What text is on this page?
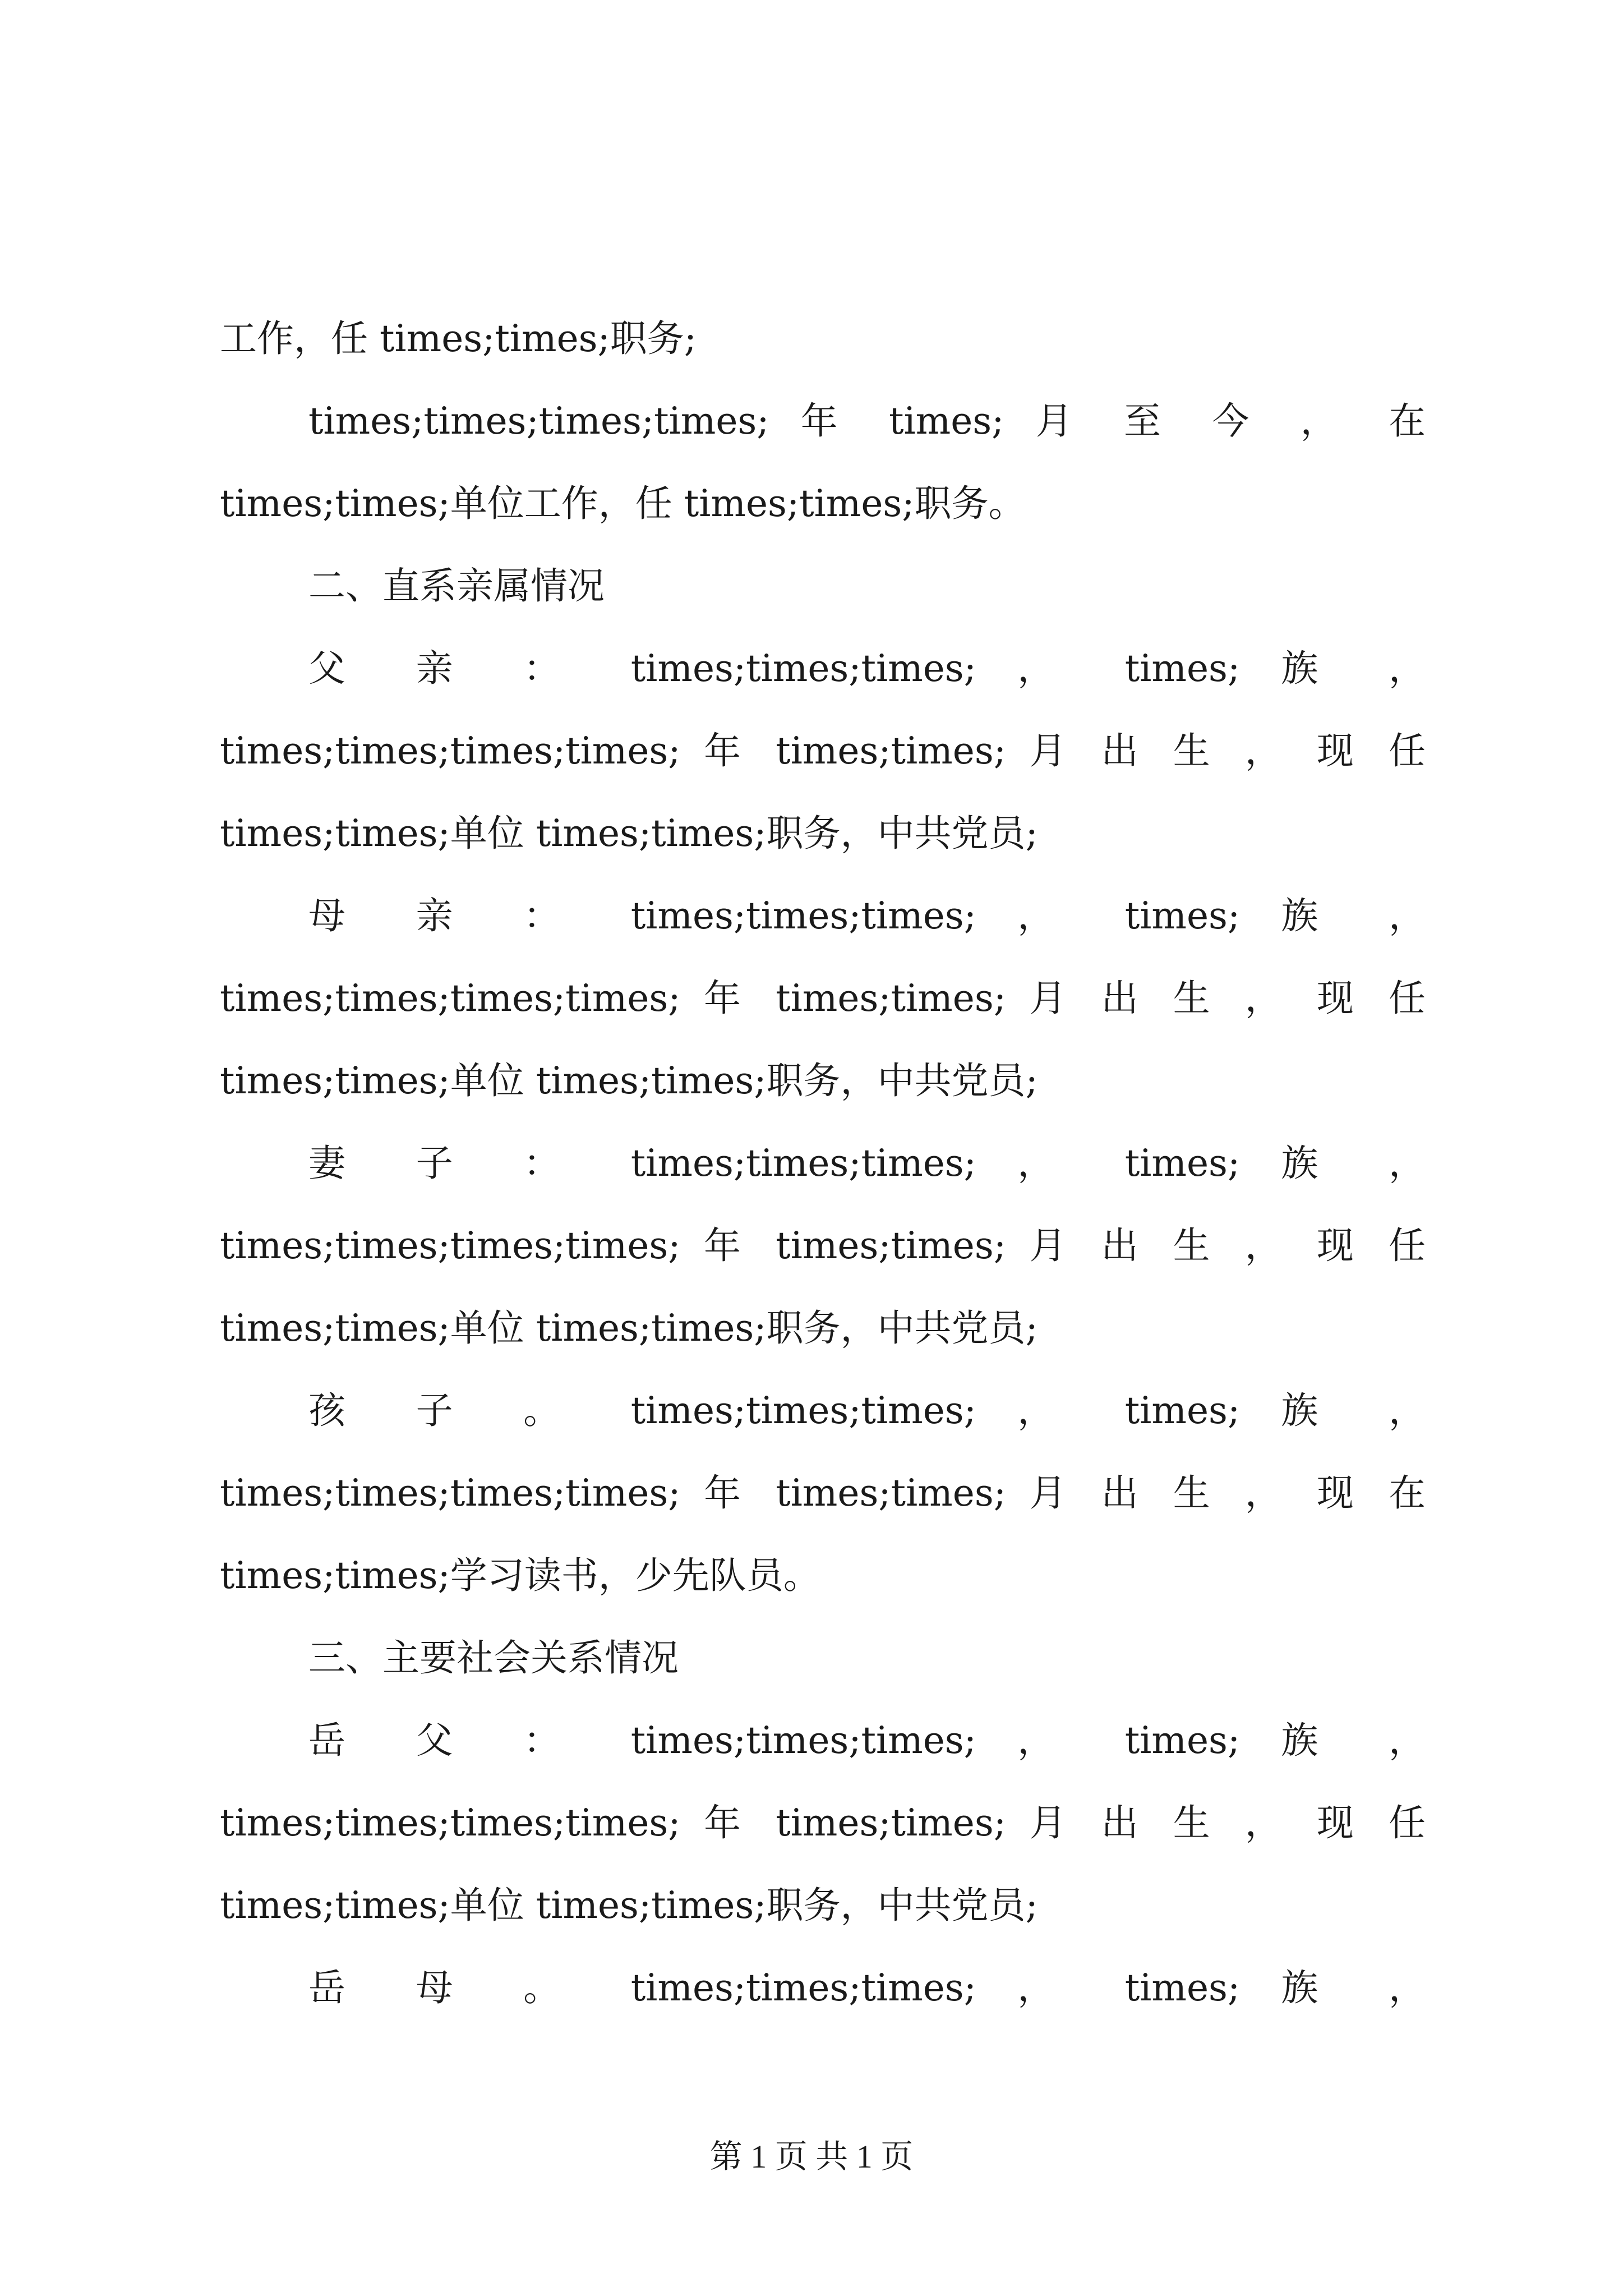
工作，任 times;times;职务;
times;times;times;times; 年 times; 月 至 今 ， 在
times;times;单位工作，任 times;times;职务。
二、直系亲属情况
父 亲 ： times;times;times; ， times; 族 ，
times;times;times;times; 年 times;times; 月 出 生 ， 现 任
times;times;单位 times;times;职务，中共党员;
母 亲 ： times;times;times; ， times; 族 ，
times;times;times;times; 年 times;times; 月 出 生 ， 现 任
times;times;单位 times;times;职务，中共党员;
妻 子 ： times;times;times; ， times; 族 ，
times;times;times;times; 年 times;times; 月 出 生 ， 现 任
times;times;单位 times;times;职务，中共党员;
孩 子 。 times;times;times; ， times; 族 ，
times;times;times;times; 年 times;times; 月 出 生 ， 现 在
times;times;学习读书，少先队员。
三、主要社会关系情况
岳 父 ： times;times;times; ， times; 族 ，
times;times;times;times; 年 times;times; 月 出 生 ， 现 任
times;times;单位 times;times;职务，中共党员;
岳 母 。 times;times;times; ， times; 族 ，
第 1 页 共 1 页
